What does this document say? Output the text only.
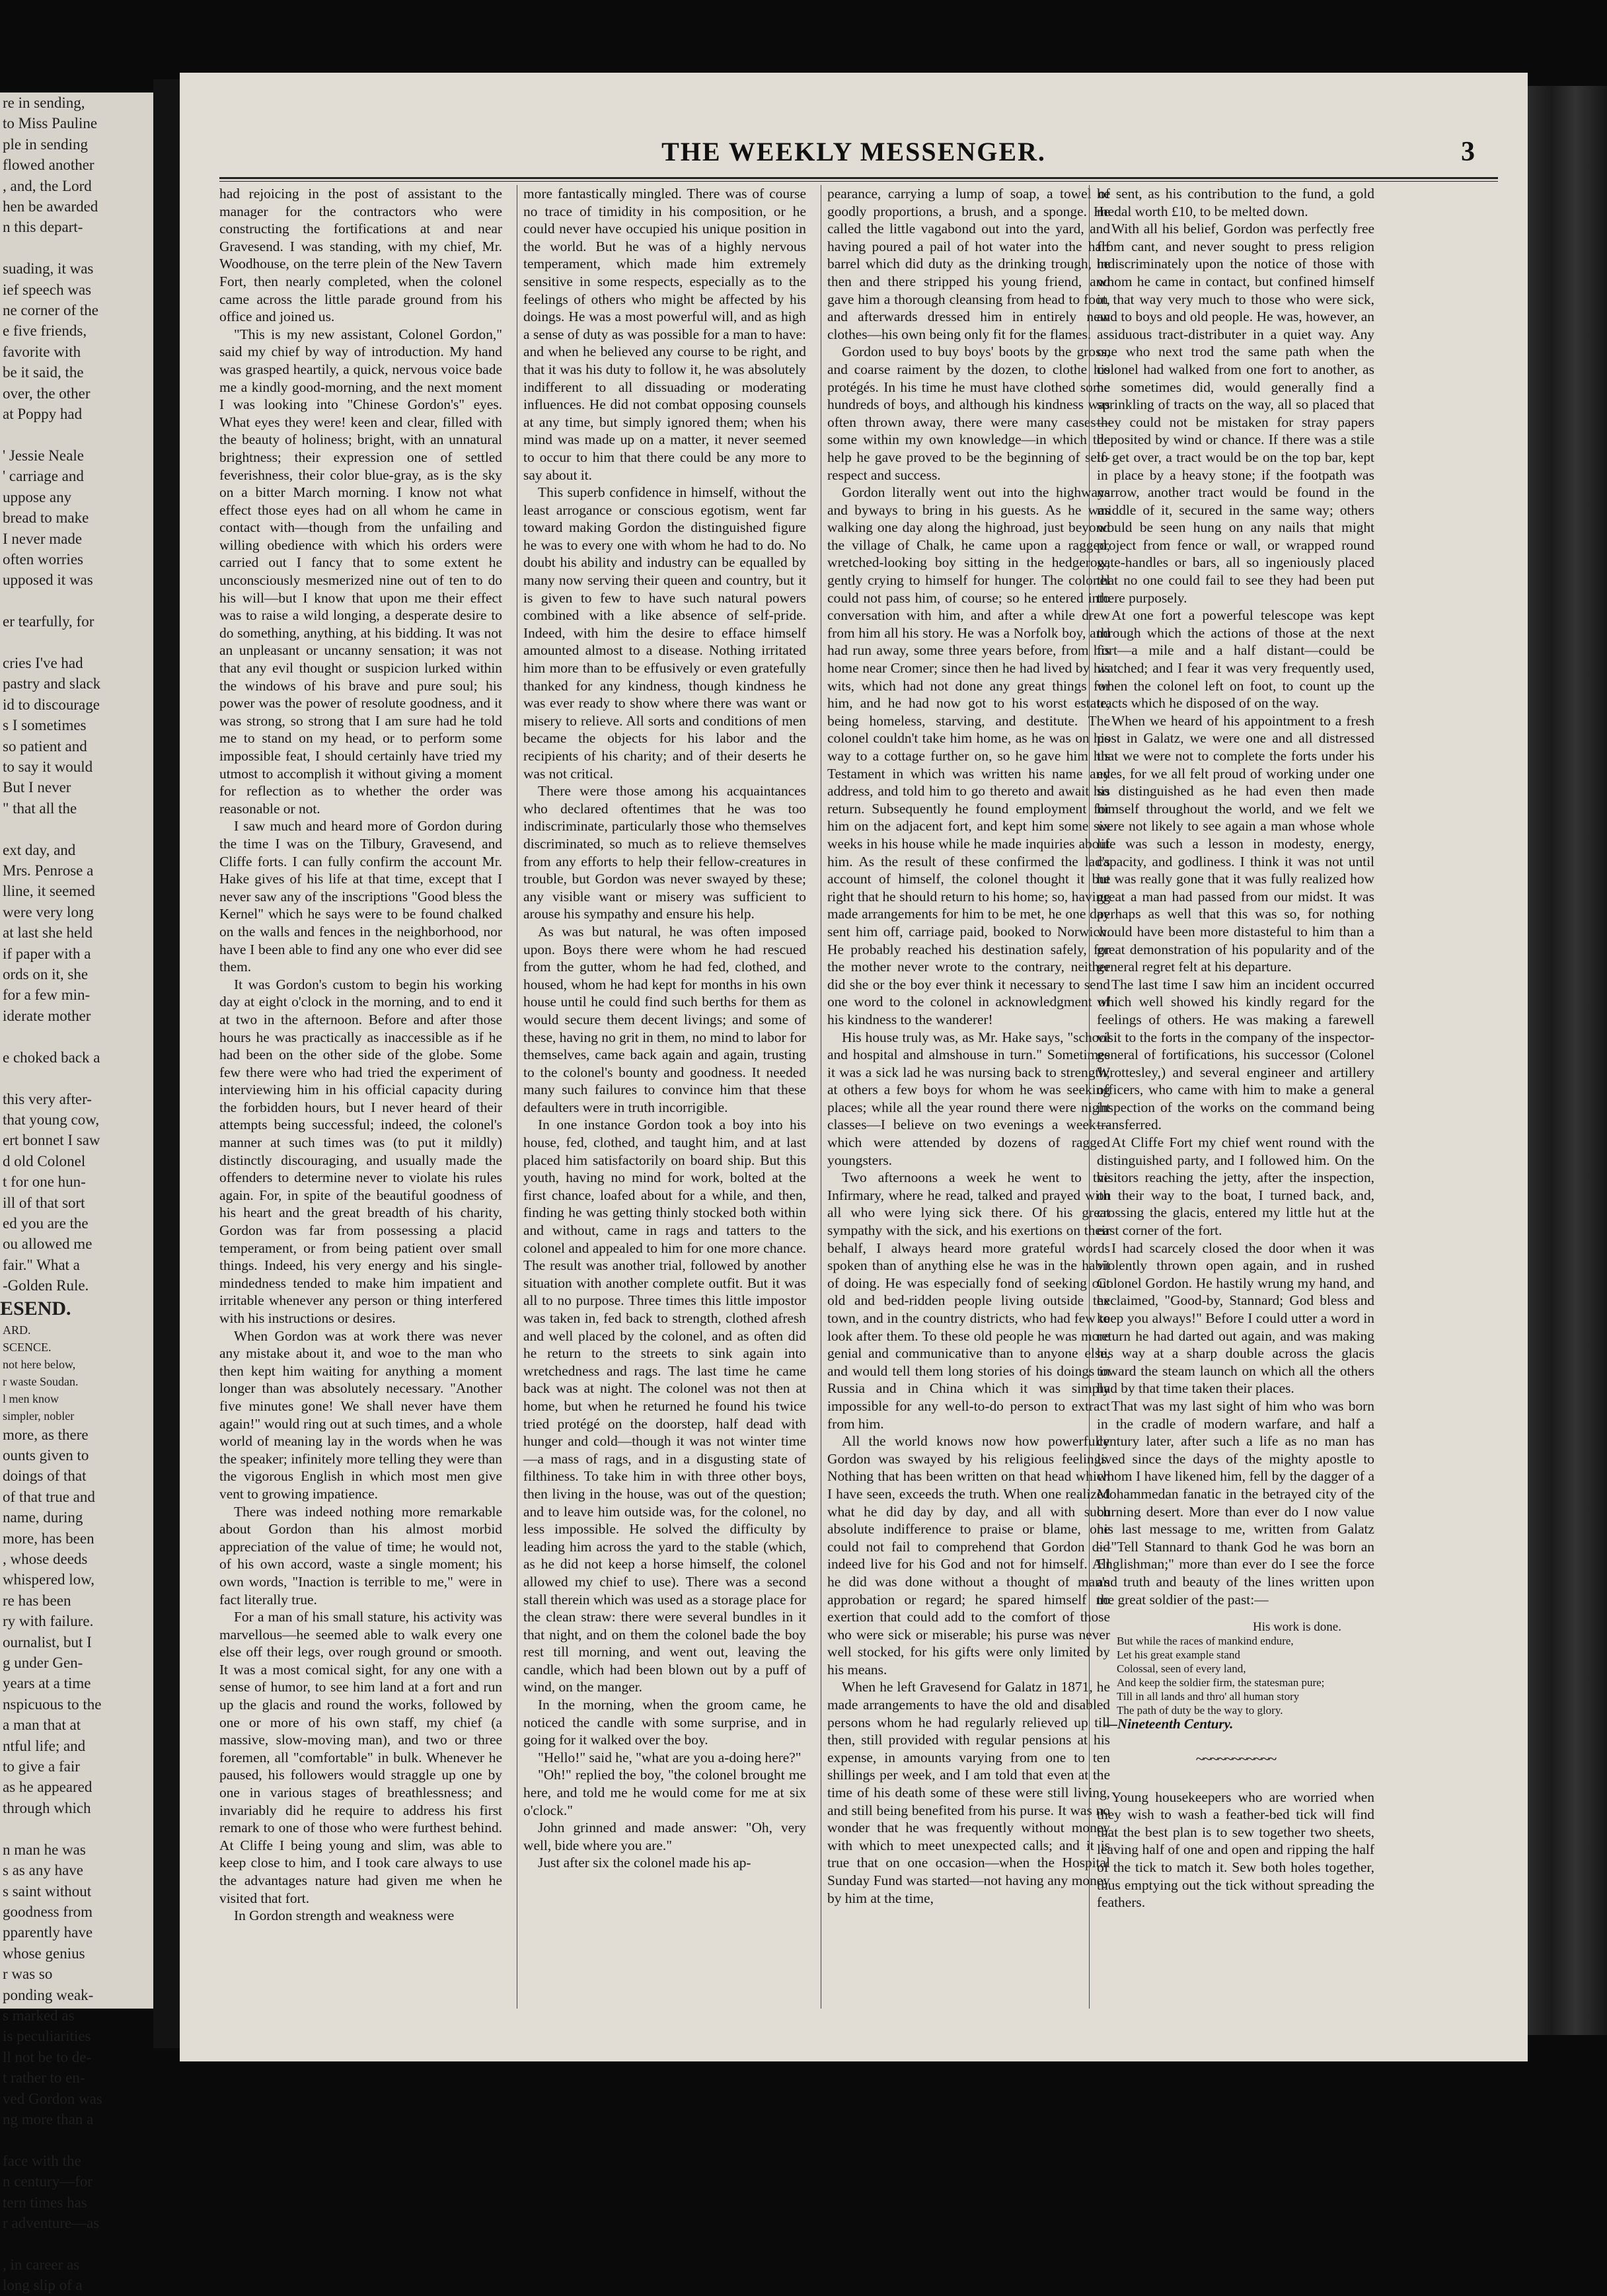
re in sending,
to Miss Pauline
ple in sending
flowed another
, and, the Lord
hen be awarded
n this depart-

suading, it was
ief speech was
ne corner of the
e five friends,
favorite with
be it said, the
over, the other
at Poppy had

' Jessie Neale
' carriage and
uppose any
bread to make
I never made
often worries
upposed it was

er tearfully, for

cries I've had
pastry and slack
id to discourage
s I sometimes
so patient and
to say it would
But I never
" that all the

ext day, and
Mrs. Penrose a
lline, it seemed
were very long
at last she held
if paper with a
ords on it, she
for a few min-
iderate mother

e choked back a

this very after-
that young cow,
ert bonnet I saw
d old Colonel
t for one hun-
ill of that sort
ed you are the
ou allowed me
fair." What a
-Golden Rule.
ESEND.
ARD.
SCENCE.
not here below,
r waste Soudan.
l men know
simpler, nobler
more, as there
ounts given to
doings of that
of that true and
name, during
more, has been
, whose deeds
whispered low,
re has been
ry with failure.
ournalist, but I
g under Gen-
years at a time
nspicuous to the
a man that at
ntful life; and
to give a fair
as he appeared
through which

n man he was
s as any have
s saint without
goodness from
pparently have
whose genius
r was so
ponding weak-
s marked as
is peculiarities
ll not be to de-
t rather to en-
ved Gordon was
ng more than a

face with the
n century—for
tern times has
r adventure—as

, in career as
long slip of a
THE WEEKLY MESSENGER.	3

had rejoicing in the post of assistant to the manager for the contractors who were constructing the fortifications at and near Gravesend. I was standing, with my chief, Mr. Woodhouse, on the terre plein of the New Tavern Fort, then nearly completed, when the colonel came across the little parade ground from his office and joined us.

"This is my new assistant, Colonel Gordon," said my chief by way of introduction. My hand was grasped heartily, a quick, nervous voice bade me a kindly good-morning, and the next moment I was looking into "Chinese Gordon's" eyes. What eyes they were! keen and clear, filled with the beauty of holiness; bright, with an unnatural brightness; their expression one of settled feverishness, their color blue-gray, as is the sky on a bitter March morning. I know not what effect those eyes had on all whom he came in contact with—though from the unfailing and willing obedience with which his orders were carried out I fancy that to some extent he unconsciously mesmerized nine out of ten to do his will—but I know that upon me their effect was to raise a wild longing, a desperate desire to do something, anything, at his bidding. It was not an unpleasant or uncanny sensation; it was not that any evil thought or suspicion lurked within the windows of his brave and pure soul; his power was the power of resolute goodness, and it was strong, so strong that I am sure had he told me to stand on my head, or to perform some impossible feat, I should certainly have tried my utmost to accomplish it without giving a moment for reflection as to whether the order was reasonable or not.

I saw much and heard more of Gordon during the time I was on the Tilbury, Gravesend, and Cliffe forts. I can fully confirm the account Mr. Hake gives of his life at that time, except that I never saw any of the inscriptions "Good bless the Kernel" which he says were to be found chalked on the walls and fences in the neighborhood, nor have I been able to find any one who ever did see them.

It was Gordon's custom to begin his working day at eight o'clock in the morning, and to end it at two in the afternoon. Before and after those hours he was practically as inaccessible as if he had been on the other side of the globe. Some few there were who had tried the experiment of interviewing him in his official capacity during the forbidden hours, but I never heard of their attempts being successful; indeed, the colonel's manner at such times was (to put it mildly) distinctly discouraging, and usually made the offenders to determine never to violate his rules again. For, in spite of the beautiful goodness of his heart and the great breadth of his charity, Gordon was far from possessing a placid temperament, or from being patient over small things. Indeed, his very energy and his single-mindedness tended to make him impatient and irritable whenever any person or thing interfered with his instructions or desires.

When Gordon was at work there was never any mistake about it, and woe to the man who then kept him waiting for anything a moment longer than was absolutely necessary. "Another five minutes gone! We shall never have them again!" would ring out at such times, and a whole world of meaning lay in the words when he was the speaker; infinitely more telling they were than the vigorous English in which most men give vent to growing impatience.

There was indeed nothing more remarkable about Gordon than his almost morbid appreciation of the value of time; he would not, of his own accord, waste a single moment; his own words, "Inaction is terrible to me," were in fact literally true.

For a man of his small stature, his activity was marvellous—he seemed able to walk every one else off their legs, over rough ground or smooth. It was a most comical sight, for any one with a sense of humor, to see him land at a fort and run up the glacis and round the works, followed by one or more of his own staff, my chief (a massive, slow-moving man), and two or three foremen, all "comfortable" in bulk. Whenever he paused, his followers would straggle up one by one in various stages of breathlessness; and invariably did he require to address his first remark to one of those who were furthest behind. At Cliffe I being young and slim, was able to keep close to him, and I took care always to use the advantages nature had given me when he visited that fort.

In Gordon strength and weakness were

more fantastically mingled. There was of course no trace of timidity in his composition, or he could never have occupied his unique position in the world. But he was of a highly nervous temperament, which made him extremely sensitive in some respects, especially as to the feelings of others who might be affected by his doings. He was a most powerful will, and as high a sense of duty as was possible for a man to have: and when he believed any course to be right, and that it was his duty to follow it, he was absolutely indifferent to all dissuading or moderating influences. He did not combat opposing counsels at any time, but simply ignored them; when his mind was made up on a matter, it never seemed to occur to him that there could be any more to say about it.

This superb confidence in himself, without the least arrogance or conscious egotism, went far toward making Gordon the distinguished figure he was to every one with whom he had to do. No doubt his ability and industry can be equalled by many now serving their queen and country, but it is given to few to have such natural powers combined with a like absence of self-pride. Indeed, with him the desire to efface himself amounted almost to a disease. Nothing irritated him more than to be effusively or even gratefully thanked for any kindness, though kindness he was ever ready to show where there was want or misery to relieve. All sorts and conditions of men became the objects for his labor and the recipients of his charity; and of their deserts he was not critical.

There were those among his acquaintances who declared oftentimes that he was too indiscriminate, particularly those who themselves discriminated, so much as to relieve themselves from any efforts to help their fellow-creatures in trouble, but Gordon was never swayed by these; any visible want or misery was sufficient to arouse his sympathy and ensure his help.

As was but natural, he was often imposed upon. Boys there were whom he had rescued from the gutter, whom he had fed, clothed, and housed, whom he had kept for months in his own house until he could find such berths for them as would secure them decent livings; and some of these, having no grit in them, no mind to labor for themselves, came back again and again, trusting to the colonel's bounty and goodness. It needed many such failures to convince him that these defaulters were in truth incorrigible.

In one instance Gordon took a boy into his house, fed, clothed, and taught him, and at last placed him satisfactorily on board ship. But this youth, having no mind for work, bolted at the first chance, loafed about for a while, and then, finding he was getting thinly stocked both within and without, came in rags and tatters to the colonel and appealed to him for one more chance. The result was another trial, followed by another situation with another complete outfit. But it was all to no purpose. Three times this little impostor was taken in, fed back to strength, clothed afresh and well placed by the colonel, and as often did he return to the streets to sink again into wretchedness and rags. The last time he came back was at night. The colonel was not then at home, but when he returned he found his twice tried protégé on the doorstep, half dead with hunger and cold—though it was not winter time—a mass of rags, and in a disgusting state of filthiness. To take him in with three other boys, then living in the house, was out of the question; and to leave him outside was, for the colonel, no less impossible. He solved the difficulty by leading him across the yard to the stable (which, as he did not keep a horse himself, the colonel allowed my chief to use). There was a second stall therein which was used as a storage place for the clean straw: there were several bundles in it that night, and on them the colonel bade the boy rest till morning, and went out, leaving the candle, which had been blown out by a puff of wind, on the manger.

In the morning, when the groom came, he noticed the candle with some surprise, and in going for it walked over the boy.

"Hello!" said he, "what are you a-doing here?"

"Oh!" replied the boy, "the colonel brought me here, and told me he would come for me at six o'clock."

John grinned and made answer: "Oh, very well, bide where you are."

Just after six the colonel made his ap-

pearance, carrying a lump of soap, a towel of goodly proportions, a brush, and a sponge. He called the little vagabond out into the yard, and having poured a pail of hot water into the half barrel which did duty as the drinking trough, he then and there stripped his young friend, and gave him a thorough cleansing from head to foot, and afterwards dressed him in entirely new clothes—his own being only fit for the flames.

Gordon used to buy boys' boots by the gross, and coarse raiment by the dozen, to clothe his protégés. In his time he must have clothed some hundreds of boys, and although his kindness was often thrown away, there were many cases—some within my own knowledge—in which the help he gave proved to be the beginning of self-respect and success.

Gordon literally went out into the highways and byways to bring in his guests. As he was walking one day along the highroad, just beyond the village of Chalk, he came upon a ragged, wretched-looking boy sitting in the hedgerow, gently crying to himself for hunger. The colonel could not pass him, of course; so he entered into conversation with him, and after a while drew from him all his story. He was a Norfolk boy, and had run away, some three years before, from his home near Cromer; since then he had lived by his wits, which had not done any great things for him, and he had now got to his worst estate, being homeless, starving, and destitute. The colonel couldn't take him home, as he was on his way to a cottage further on, so he gave him his Testament in which was written his name and address, and told him to go thereto and await his return. Subsequently he found employment for him on the adjacent fort, and kept him some six weeks in his house while he made inquiries about him. As the result of these confirmed the lad's account of himself, the colonel thought it but right that he should return to his home; so, having made arrangements for him to be met, he one day sent him off, carriage paid, booked to Norwich. He probably reached his destination safely, for the mother never wrote to the contrary, neither did she or the boy ever think it necessary to send one word to the colonel in acknowledgment of his kindness to the wanderer!

His house truly was, as Mr. Hake says, "school and hospital and almshouse in turn." Sometimes it was a sick lad he was nursing back to strength; at others a few boys for whom he was seeking places; while all the year round there were night classes—I believe on two evenings a week—which were attended by dozens of ragged youngsters.

Two afternoons a week he went to the Infirmary, where he read, talked and prayed with all who were lying sick there. Of his great sympathy with the sick, and his exertions on their behalf, I always heard more grateful words spoken than of anything else he was in the habit of doing. He was especially fond of seeking out old and bed-ridden people living outside the town, and in the country districts, who had few to look after them. To these old people he was more genial and communicative than to anyone else, and would tell them long stories of his doings in Russia and in China which it was simply impossible for any well-to-do person to extract from him.

All the world knows now how powerfully Gordon was swayed by his religious feelings. Nothing that has been written on that head which I have seen, exceeds the truth. When one realized what he did day by day, and all with such absolute indifference to praise or blame, one could not fail to comprehend that Gordon did indeed live for his God and not for himself. All he did was done without a thought of man's approbation or regard; he spared himself no exertion that could add to the comfort of those who were sick or miserable; his purse was never well stocked, for his gifts were only limited by his means.

When he left Gravesend for Galatz in 1871, he made arrangements to have the old and disabled persons whom he had regularly relieved up till then, still provided with regular pensions at his expense, in amounts varying from one to ten shillings per week, and I am told that even at the time of his death some of these were still living, and still being benefited from his purse. It was no wonder that he was frequently without money with which to meet unexpected calls; and it is true that on one occasion—when the Hospital Sunday Fund was started—not having any money by him at the time,

he sent, as his contribution to the fund, a gold medal worth £10, to be melted down.

With all his belief, Gordon was perfectly free from cant, and never sought to press religion indiscriminately upon the notice of those with whom he came in contact, but confined himself in that way very much to those who were sick, and to boys and old people. He was, however, an assiduous tract-distributer in a quiet way. Any one who next trod the same path when the colonel had walked from one fort to another, as he sometimes did, would generally find a sprinkling of tracts on the way, all so placed that they could not be mistaken for stray papers deposited by wind or chance. If there was a stile to get over, a tract would be on the top bar, kept in place by a heavy stone; if the footpath was narrow, another tract would be found in the middle of it, secured in the same way; others would be seen hung on any nails that might project from fence or wall, or wrapped round gate-handles or bars, all so ingeniously placed that no one could fail to see they had been put there purposely.

At one fort a powerful telescope was kept through which the actions of those at the next fort—a mile and a half distant—could be watched; and I fear it was very frequently used, when the colonel left on foot, to count up the tracts which he disposed of on the way.

When we heard of his appointment to a fresh post in Galatz, we were one and all distressed that we were not to complete the forts under his eyes, for we all felt proud of working under one so distinguished as he had even then made himself throughout the world, and we felt we were not likely to see again a man whose whole life was such a lesson in modesty, energy, capacity, and godliness. I think it was not until he was really gone that it was fully realized how great a man had passed from our midst. It was perhaps as well that this was so, for nothing would have been more distasteful to him than a great demonstration of his popularity and of the general regret felt at his departure.

The last time I saw him an incident occurred which well showed his kindly regard for the feelings of others. He was making a farewell visit to the forts in the company of the inspector-general of fortifications, his successor (Colonel Wrottesley,) and several engineer and artillery officers, who came with him to make a general inspection of the works on the command being transferred.

At Cliffe Fort my chief went round with the distinguished party, and I followed him. On the visitors reaching the jetty, after the inspection, on their way to the boat, I turned back, and, crossing the glacis, entered my little hut at the east corner of the fort.

I had scarcely closed the door when it was violently thrown open again, and in rushed Colonel Gordon. He hastily wrung my hand, and exclaimed, "Good-by, Stannard; God bless and keep you always!" Before I could utter a word in return he had darted out again, and was making his way at a sharp double across the glacis toward the steam launch on which all the others had by that time taken their places.

That was my last sight of him who was born in the cradle of modern warfare, and half a century later, after such a life as no man has lived since the days of the mighty apostle to whom I have likened him, fell by the dagger of a Mohammedan fanatic in the betrayed city of the burning desert. More than ever do I now value his last message to me, written from Galatz—"Tell Stannard to thank God he was born an Englishman;" more than ever do I see the force and truth and beauty of the lines written upon the great soldier of the past:—

His work is done.
But while the races of mankind endure,
Let his great example stand
Colossal, seen of every land,
And keep the soldier firm, the statesman pure;
Till in all lands and thro' all human story
The path of duty be the way to glory.
—Nineteenth Century.
~~~~~~~~~~~

Young housekeepers who are worried when they wish to wash a feather-bed tick will find that the best plan is to sew together two sheets, leaving half of one and open and ripping the half of the tick to match it. Sew both holes together, thus emptying out the tick without spreading the feathers.
